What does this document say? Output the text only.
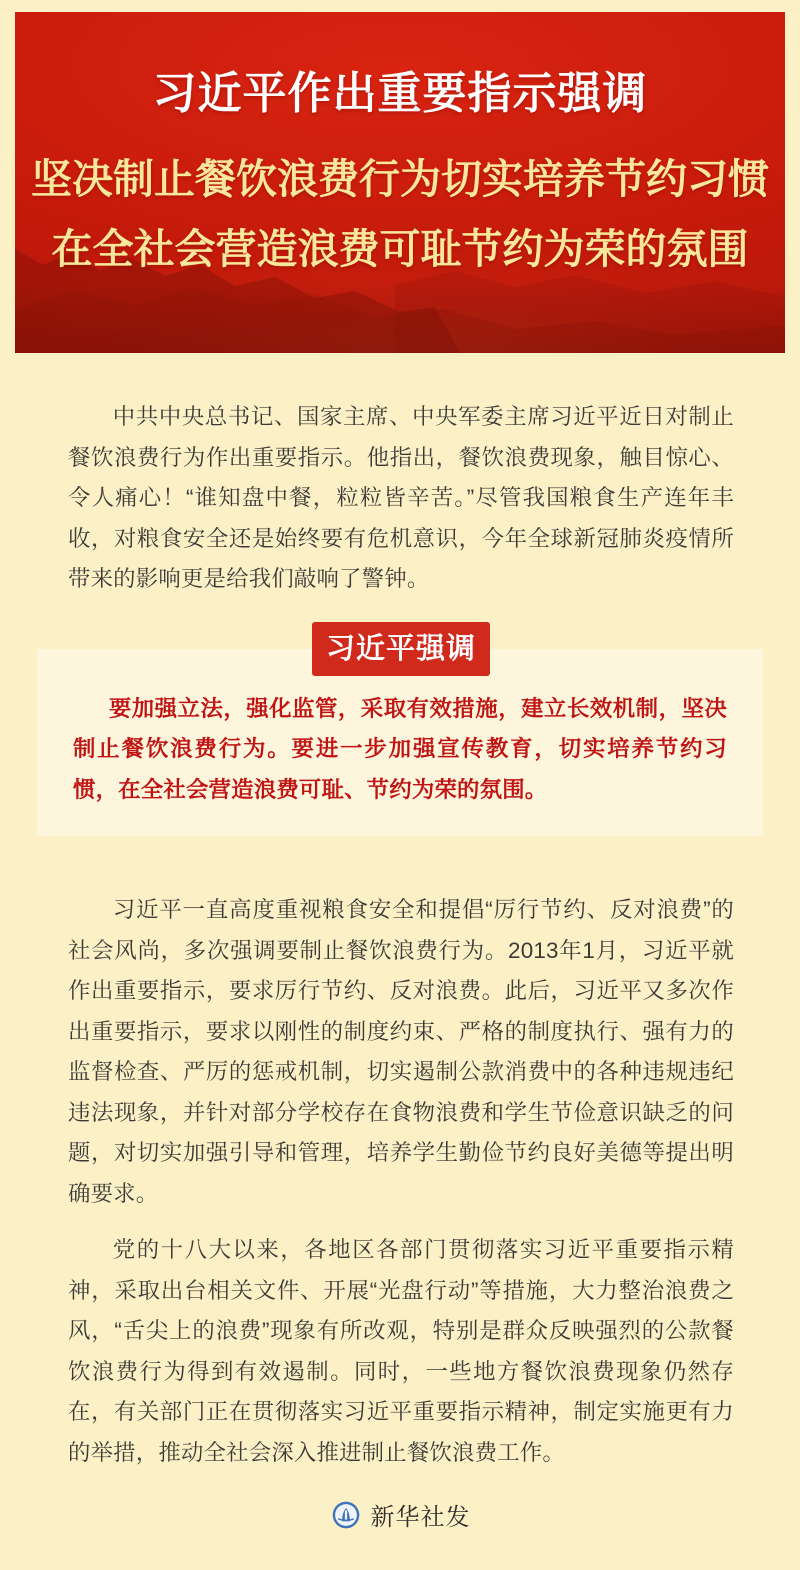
习近平作出重要指示强调
坚决制止餐饮浪费行为切实培养节约习惯
在全社会营造浪费可耻节约为荣的氛围

中共中央总书记、国家主席、中央军委主席习近平近日对制止餐饮浪费行为作出重要指示。他指出，餐饮浪费现象，触目惊心、令人痛心！“谁知盘中餐，粒粒皆辛苦。”尽管我国粮食生产连年丰收，对粮食安全还是始终要有危机意识，今年全球新冠肺炎疫情所带来的影响更是给我们敲响了警钟。

习近平强调

要加强立法，强化监管，采取有效措施，建立长效机制，坚决制止餐饮浪费行为。要进一步加强宣传教育，切实培养节约习惯，在全社会营造浪费可耻、节约为荣的氛围。

习近平一直高度重视粮食安全和提倡“厉行节约、反对浪费”的社会风尚，多次强调要制止餐饮浪费行为。2013年1月，习近平就作出重要指示，要求厉行节约、反对浪费。此后，习近平又多次作出重要指示，要求以刚性的制度约束、严格的制度执行、强有力的监督检查、严厉的惩戒机制，切实遏制公款消费中的各种违规违纪违法现象，并针对部分学校存在食物浪费和学生节俭意识缺乏的问题，对切实加强引导和管理，培养学生勤俭节约良好美德等提出明确要求。

党的十八大以来，各地区各部门贯彻落实习近平重要指示精神，采取出台相关文件、开展“光盘行动”等措施，大力整治浪费之风，“舌尖上的浪费”现象有所改观，特别是群众反映强烈的公款餐饮浪费行为得到有效遏制。同时，一些地方餐饮浪费现象仍然存在，有关部门正在贯彻落实习近平重要指示精神，制定实施更有力的举措，推动全社会深入推进制止餐饮浪费工作。

新华社发
